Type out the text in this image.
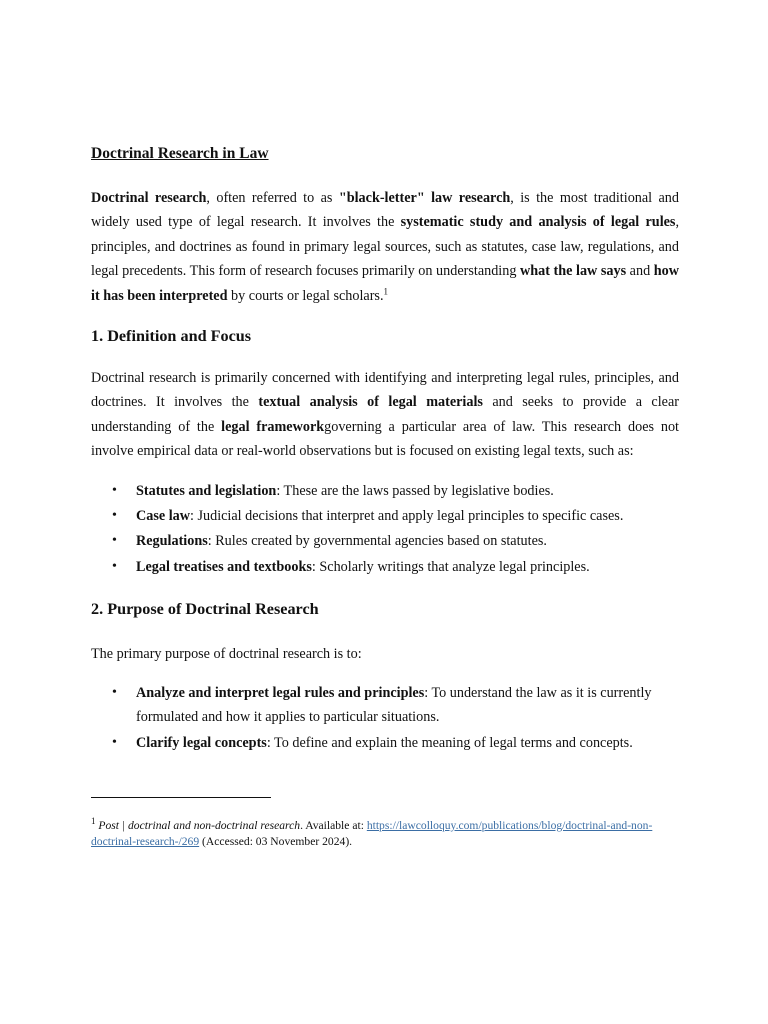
Doctrinal Research in Law

Doctrinal research, often referred to as "black-letter" law research, is the most traditional and widely used type of legal research. It involves the systematic study and analysis of legal rules, principles, and doctrines as found in primary legal sources, such as statutes, case law, regulations, and legal precedents. This form of research focuses primarily on understanding what the law says and how it has been interpreted by courts or legal scholars.$^1$

1. Definition and Focus

Doctrinal research is primarily concerned with identifying and interpreting legal rules, principles, and doctrines. It involves the textual analysis of legal materials and seeks to provide a clear understanding of the legal frameworkgoverning a particular area of law. This research does not involve empirical data or real-world observations but is focused on existing legal texts, such as:

• Statutes and legislation: These are the laws passed by legislative bodies.
• Case law: Judicial decisions that interpret and apply legal principles to specific cases.
• Regulations: Rules created by governmental agencies based on statutes.
• Legal treatises and textbooks: Scholarly writings that analyze legal principles.
2. Purpose of Doctrinal Research

The primary purpose of doctrinal research is to:

• Analyze and interpret legal rules and principles: To understand the law as it is currently formulated and how it applies to particular situations.
• Clarify legal concepts: To define and explain the meaning of legal terms and concepts.

$^1$ Post | doctrinal and non-doctrinal research. Available at: https://lawcolloquy.com/publications/blog/doctrinal-and-non-doctrinal-research-/269 (Accessed: 03 November 2024).
